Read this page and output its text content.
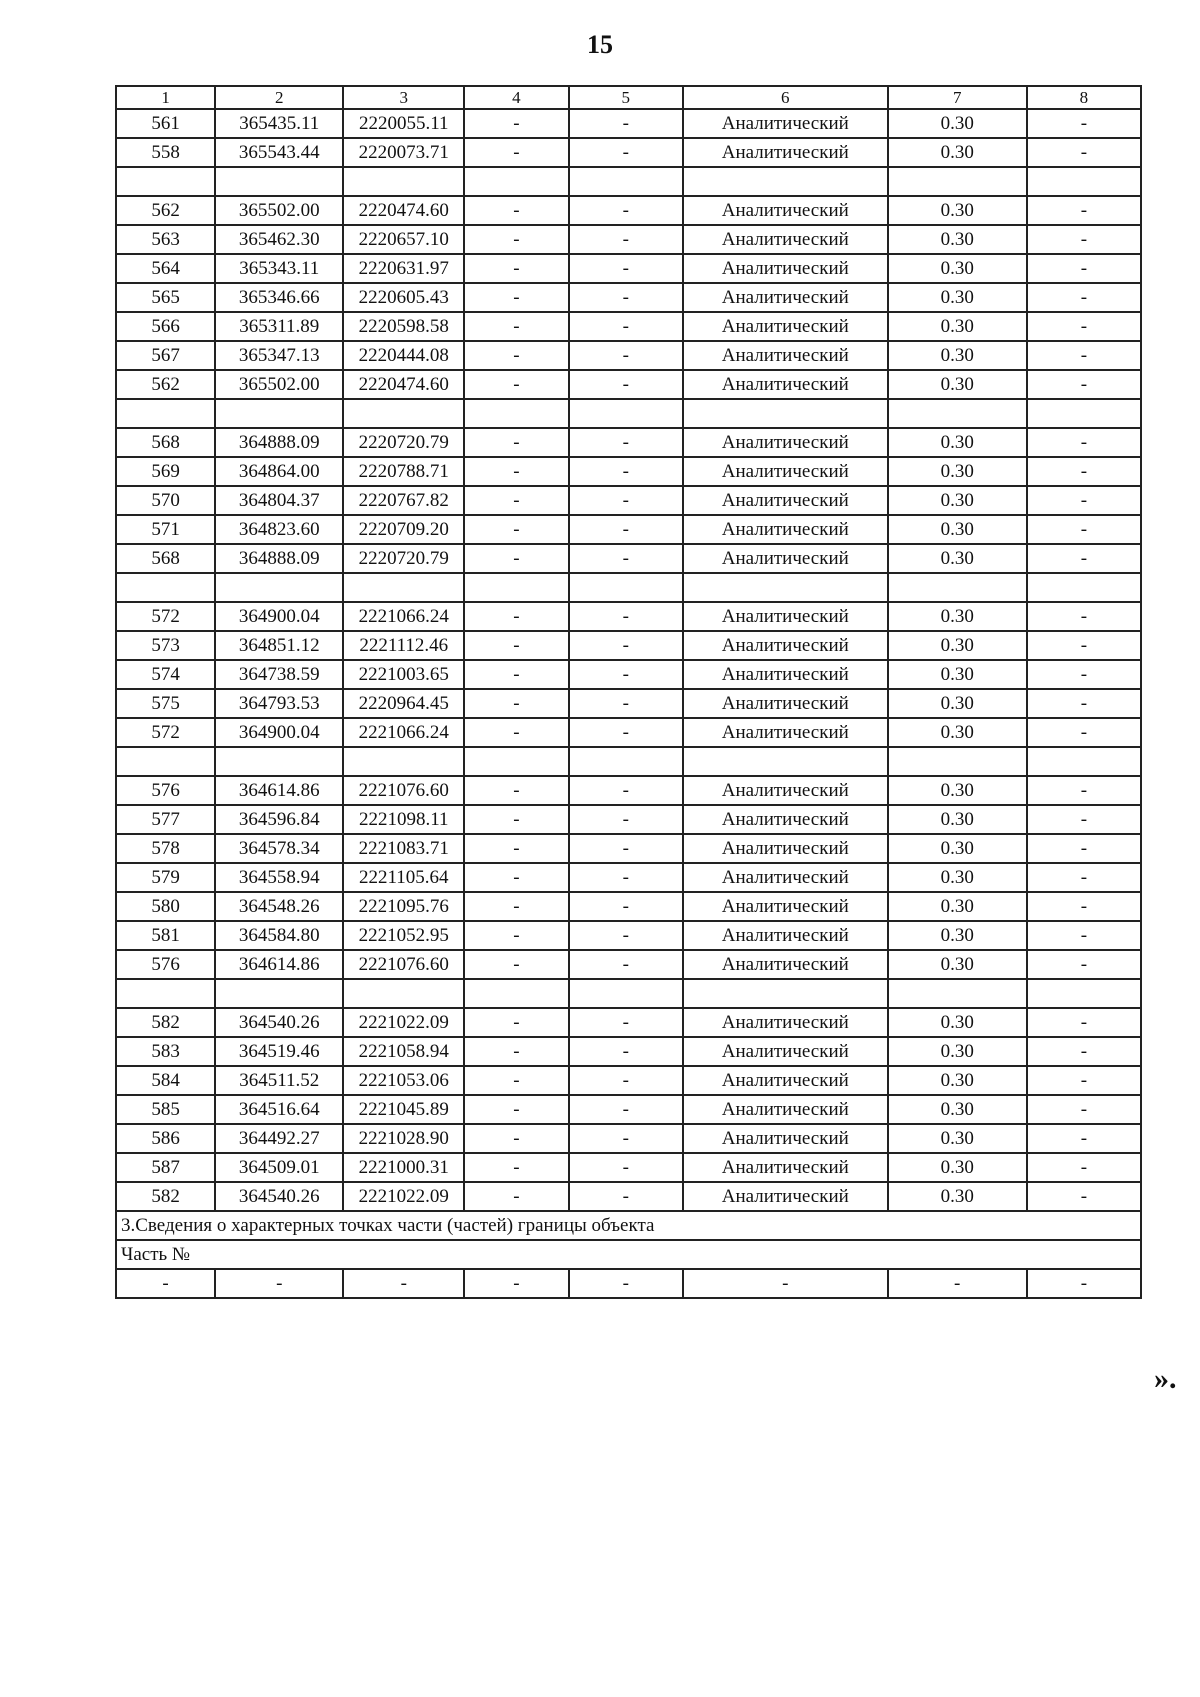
15
1	2	3	4	5	6	7	8
561	365435.11	2220055.11	-	-	Аналитический	0.30	-
558	365543.44	2220073.71	-	-	Аналитический	0.30	-

562	365502.00	2220474.60	-	-	Аналитический	0.30	-
563	365462.30	2220657.10	-	-	Аналитический	0.30	-
564	365343.11	2220631.97	-	-	Аналитический	0.30	-
565	365346.66	2220605.43	-	-	Аналитический	0.30	-
566	365311.89	2220598.58	-	-	Аналитический	0.30	-
567	365347.13	2220444.08	-	-	Аналитический	0.30	-
562	365502.00	2220474.60	-	-	Аналитический	0.30	-

568	364888.09	2220720.79	-	-	Аналитический	0.30	-
569	364864.00	2220788.71	-	-	Аналитический	0.30	-
570	364804.37	2220767.82	-	-	Аналитический	0.30	-
571	364823.60	2220709.20	-	-	Аналитический	0.30	-
568	364888.09	2220720.79	-	-	Аналитический	0.30	-

572	364900.04	2221066.24	-	-	Аналитический	0.30	-
573	364851.12	2221112.46	-	-	Аналитический	0.30	-
574	364738.59	2221003.65	-	-	Аналитический	0.30	-
575	364793.53	2220964.45	-	-	Аналитический	0.30	-
572	364900.04	2221066.24	-	-	Аналитический	0.30	-

576	364614.86	2221076.60	-	-	Аналитический	0.30	-
577	364596.84	2221098.11	-	-	Аналитический	0.30	-
578	364578.34	2221083.71	-	-	Аналитический	0.30	-
579	364558.94	2221105.64	-	-	Аналитический	0.30	-
580	364548.26	2221095.76	-	-	Аналитический	0.30	-
581	364584.80	2221052.95	-	-	Аналитический	0.30	-
576	364614.86	2221076.60	-	-	Аналитический	0.30	-

582	364540.26	2221022.09	-	-	Аналитический	0.30	-
583	364519.46	2221058.94	-	-	Аналитический	0.30	-
584	364511.52	2221053.06	-	-	Аналитический	0.30	-
585	364516.64	2221045.89	-	-	Аналитический	0.30	-
586	364492.27	2221028.90	-	-	Аналитический	0.30	-
587	364509.01	2221000.31	-	-	Аналитический	0.30	-
582	364540.26	2221022.09	-	-	Аналитический	0.30	-
3.Сведения о характерных точках части (частей) границы объекта							
Часть №							
-	-	-	-	-	-	-	-
».
